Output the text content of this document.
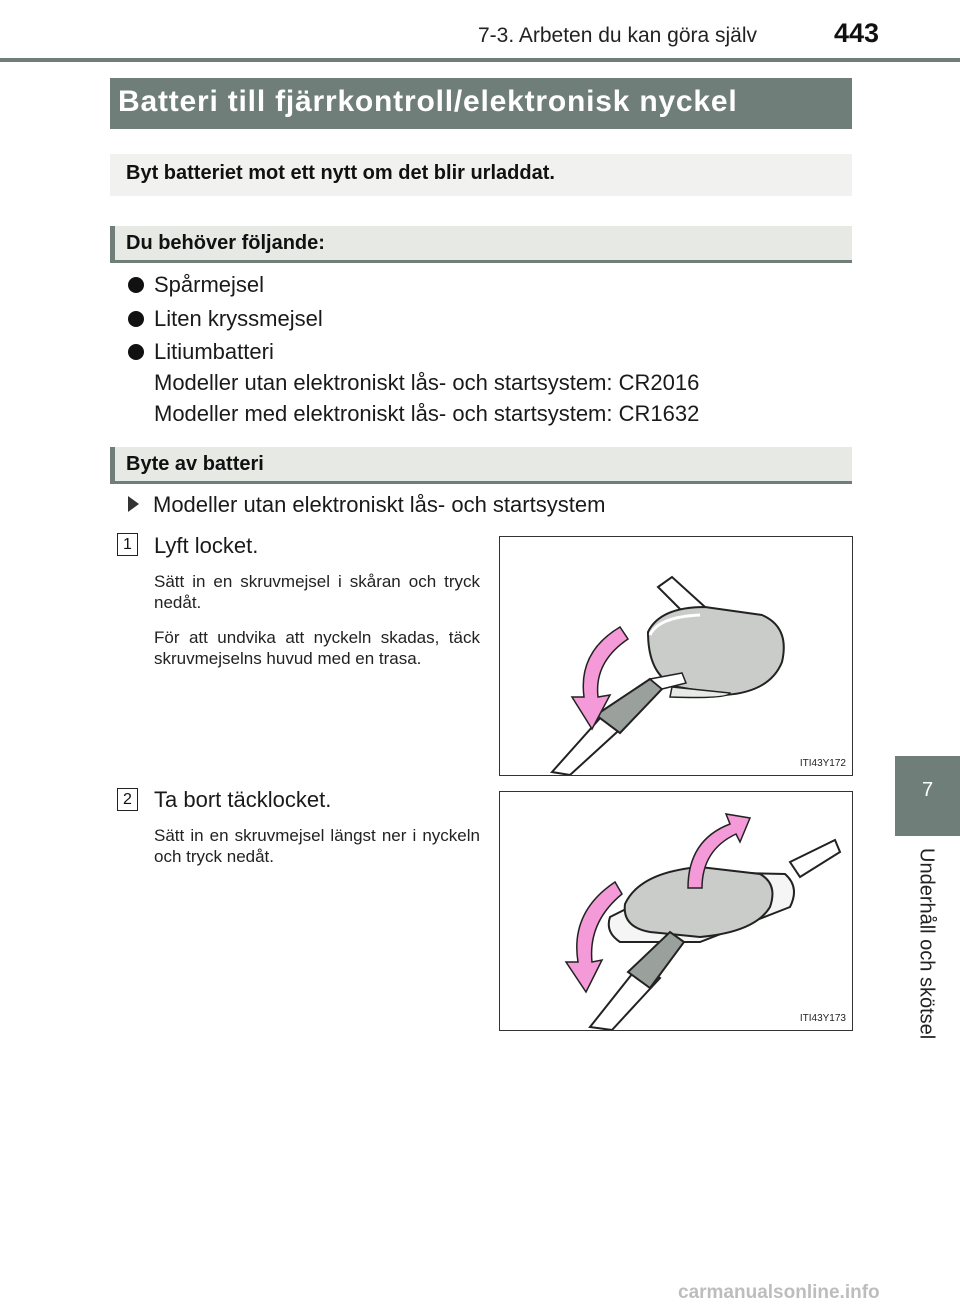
7-3. Arbeten du kan göra själv	443
7
Underhåll och skötsel
Batteri till fjärrkontroll/elektronisk nyckel
Byt batteriet mot ett nytt om det blir urladdat.
Du behöver följande:
Spårmejsel
Liten kryssmejsel
Litiumbatteri
Modeller utan elektroniskt lås- och startsystem: CR2016
Modeller med elektroniskt lås- och startsystem: CR1632
Byte av batteri
Modeller utan elektroniskt lås- och startsystem
1 Lyft locket.
Sätt in en skruvmejsel i skåran och tryck nedåt.
För att undvika att nyckeln skadas, täck skruvmejselns huvud med en trasa.
ITI43Y172
2 Ta bort täcklocket.
Sätt in en skruvmejsel längst ner i nyckeln och tryck nedåt.
ITI43Y173
carmanualsonline.info
